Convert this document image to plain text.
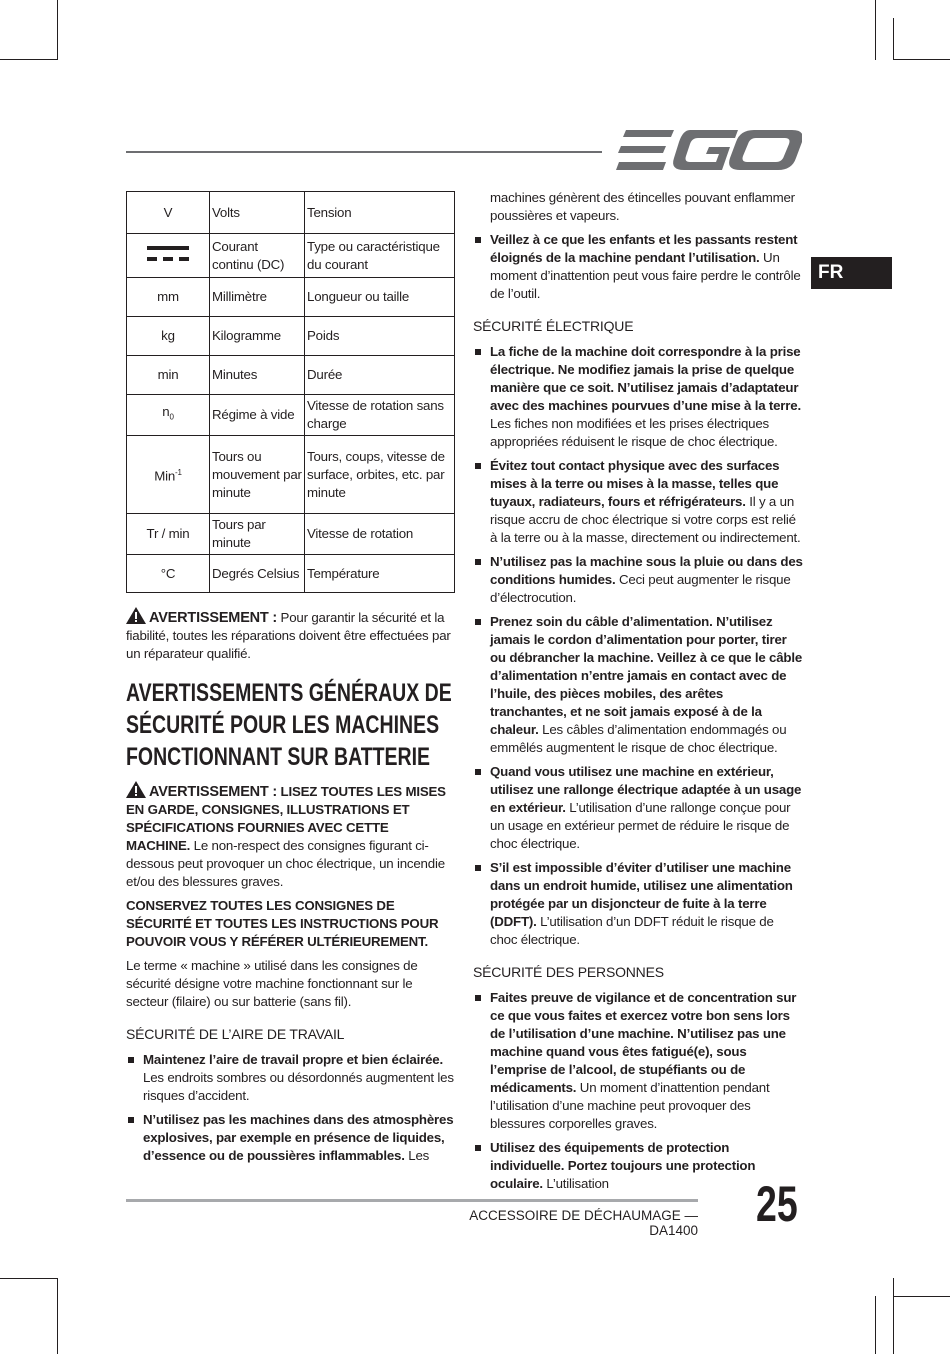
FR
V	Volts	Tension

	Courant continu (DC)	Type ou caractéristique du courant
mm	Millimètre	Longueur ou taille
kg	Kilogramme	Poids
min	Minutes	Durée
$n_0$	Régime à vide	Vitesse de rotation sans charge
Min$^{-1}$	Tours ou mouvement par minute	Tours, coups, vitesse de surface, orbites, etc. par minute
Tr / min	Tours par minute	Vitesse de rotation
°C	Degrés Celsius	Température

AVERTISSEMENT : Pour garantir la sécurité et la fiabilité, toutes les réparations doivent être effectuées par un réparateur qualifié.

AVERTISSEMENTS GÉNÉRAUX DE SÉCURITÉ POUR LES MACHINES FONCTIONNANT SUR BATTERIE

AVERTISSEMENT : LISEZ TOUTES LES MISES EN GARDE, CONSIGNES, ILLUSTRATIONS ET SPÉCIFICATIONS FOURNIES AVEC CETTE MACHINE. Le non-respect des consignes figurant ci-dessous peut provoquer un choc électrique, un incendie et/ou des blessures graves.

CONSERVEZ TOUTES LES CONSIGNES DE SÉCURITÉ ET TOUTES LES INSTRUCTIONS POUR POUVOIR VOUS Y RÉFÉRER ULTÉRIEUREMENT.

Le terme « machine » utilisé dans les consignes de sécurité désigne votre machine fonctionnant sur le secteur (filaire) ou sur batterie (sans fil).

SÉCURITÉ DE L’AIRE DE TRAVAIL
Maintenez l’aire de travail propre et bien éclairée. Les endroits sombres ou désordonnés augmentent les risques d’accident.
N’utilisez pas les machines dans des atmosphères explosives, par exemple en présence de liquides, d’essence ou de poussières inflammables. Les

machines génèrent des étincelles pouvant enflammer poussières et vapeurs.

Veillez à ce que les enfants et les passants restent éloignés de la machine pendant l’utilisation. Un moment d’inattention peut vous faire perdre le contrôle de l’outil.
SÉCURITÉ ÉLECTRIQUE
La fiche de la machine doit correspondre à la prise électrique. Ne modifiez jamais la prise de quelque manière que ce soit. N’utilisez jamais d’adaptateur avec des machines pourvues d’une mise à la terre. Les fiches non modifiées et les prises électriques appropriées réduisent le risque de choc électrique.
Évitez tout contact physique avec des surfaces mises à la terre ou mises à la masse, telles que tuyaux, radiateurs, fours et réfrigérateurs. Il y a un risque accru de choc électrique si votre corps est relié à la terre ou à la masse, directement ou indirectement.
N’utilisez pas la machine sous la pluie ou dans des conditions humides. Ceci peut augmenter le risque d’électrocution.
Prenez soin du câble d’alimentation. N’utilisez jamais le cordon d’alimentation pour porter, tirer ou débrancher la machine. Veillez à ce que le câble d’alimentation n’entre jamais en contact avec de l’huile, des pièces mobiles, des arêtes tranchantes, et ne soit jamais exposé à de la chaleur. Les câbles d’alimentation endommagés ou emmêlés augmentent le risque de choc électrique.
Quand vous utilisez une machine en extérieur, utilisez une rallonge électrique adaptée à un usage en extérieur. L’utilisation d’une rallonge conçue pour un usage en extérieur permet de réduire le risque de choc électrique.
S’il est impossible d’éviter d’utiliser une machine dans un endroit humide, utilisez une alimentation protégée par un disjoncteur de fuite à la terre (DDFT). L’utilisation d’un DDFT réduit le risque de choc électrique.
SÉCURITÉ DES PERSONNES
Faites preuve de vigilance et de concentration sur ce que vous faites et exercez votre bon sens lors de l’utilisation d’une machine. N’utilisez pas une machine quand vous êtes fatigué(e), sous l’emprise de l’alcool, de stupéfiants ou de médicaments. Un moment d’inattention pendant l’utilisation d’une machine peut provoquer des blessures corporelles graves.
Utilisez des équipements de protection individuelle. Portez toujours une protection oculaire. L’utilisation
ACCESSOIRE DE DÉCHAUMAGE — DA1400 25
